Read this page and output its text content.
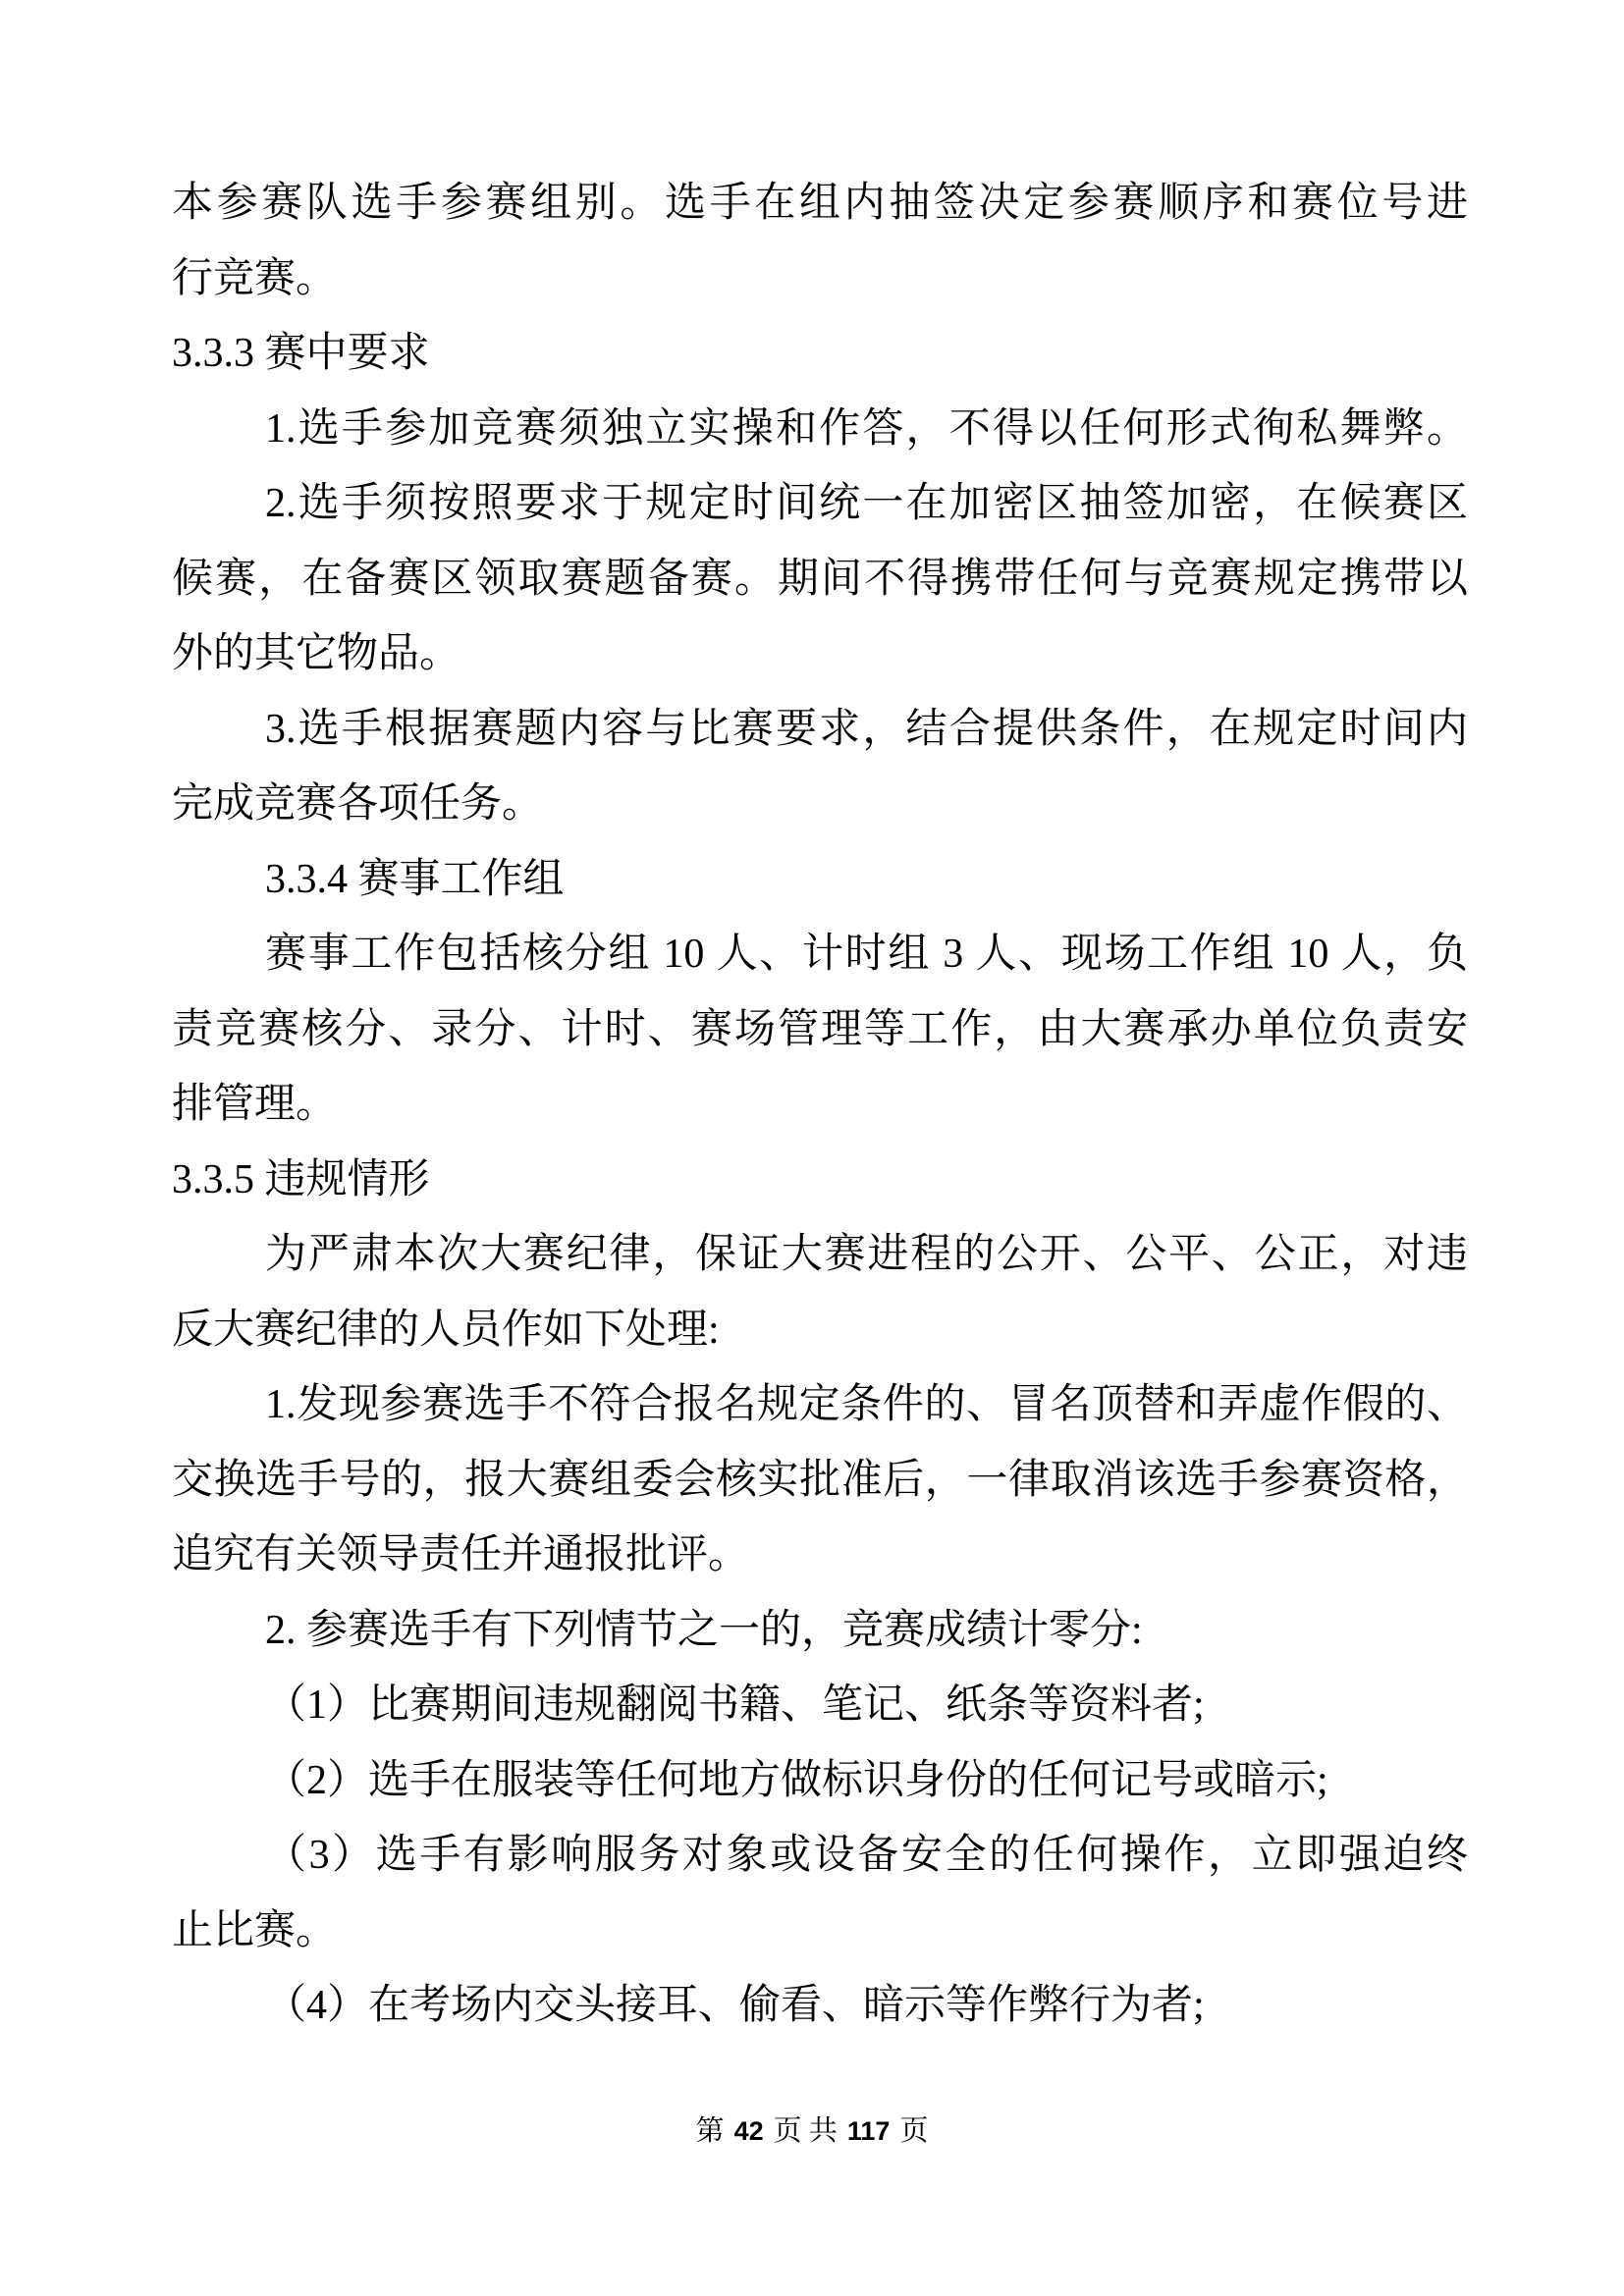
本参赛队选手参赛组别。选手在组内抽签决定参赛顺序和赛位号进
行竞赛。
3.3.3 赛中要求
1.选手参加竞赛须独立实操和作答，不得以任何形式徇私舞弊。
2.选手须按照要求于规定时间统一在加密区抽签加密，在候赛区
候赛，在备赛区领取赛题备赛。期间不得携带任何与竞赛规定携带以
外的其它物品。
3.选手根据赛题内容与比赛要求，结合提供条件，在规定时间内
完成竞赛各项任务。
3.3.4 赛事工作组
赛事工作包括核分组 10 人、计时组 3 人、现场工作组 10 人，负
责竞赛核分、录分、计时、赛场管理等工作，由大赛承办单位负责安
排管理。
3.3.5 违规情形
为严肃本次大赛纪律，保证大赛进程的公开、公平、公正，对违
反大赛纪律的人员作如下处理:
1.发现参赛选手不符合报名规定条件的、冒名顶替和弄虚作假的、
交换选手号的，报大赛组委会核实批准后，一律取消该选手参赛资格，
追究有关领导责任并通报批评。
2. 参赛选手有下列情节之一的，竞赛成绩计零分:
（1）比赛期间违规翻阅书籍、笔记、纸条等资料者;
（2）选手在服装等任何地方做标识身份的任何记号或暗示;
（3）选手有影响服务对象或设备安全的任何操作，立即强迫终
止比赛。
（4）在考场内交头接耳、偷看、暗示等作弊行为者;
第 42 页 共 117 页
